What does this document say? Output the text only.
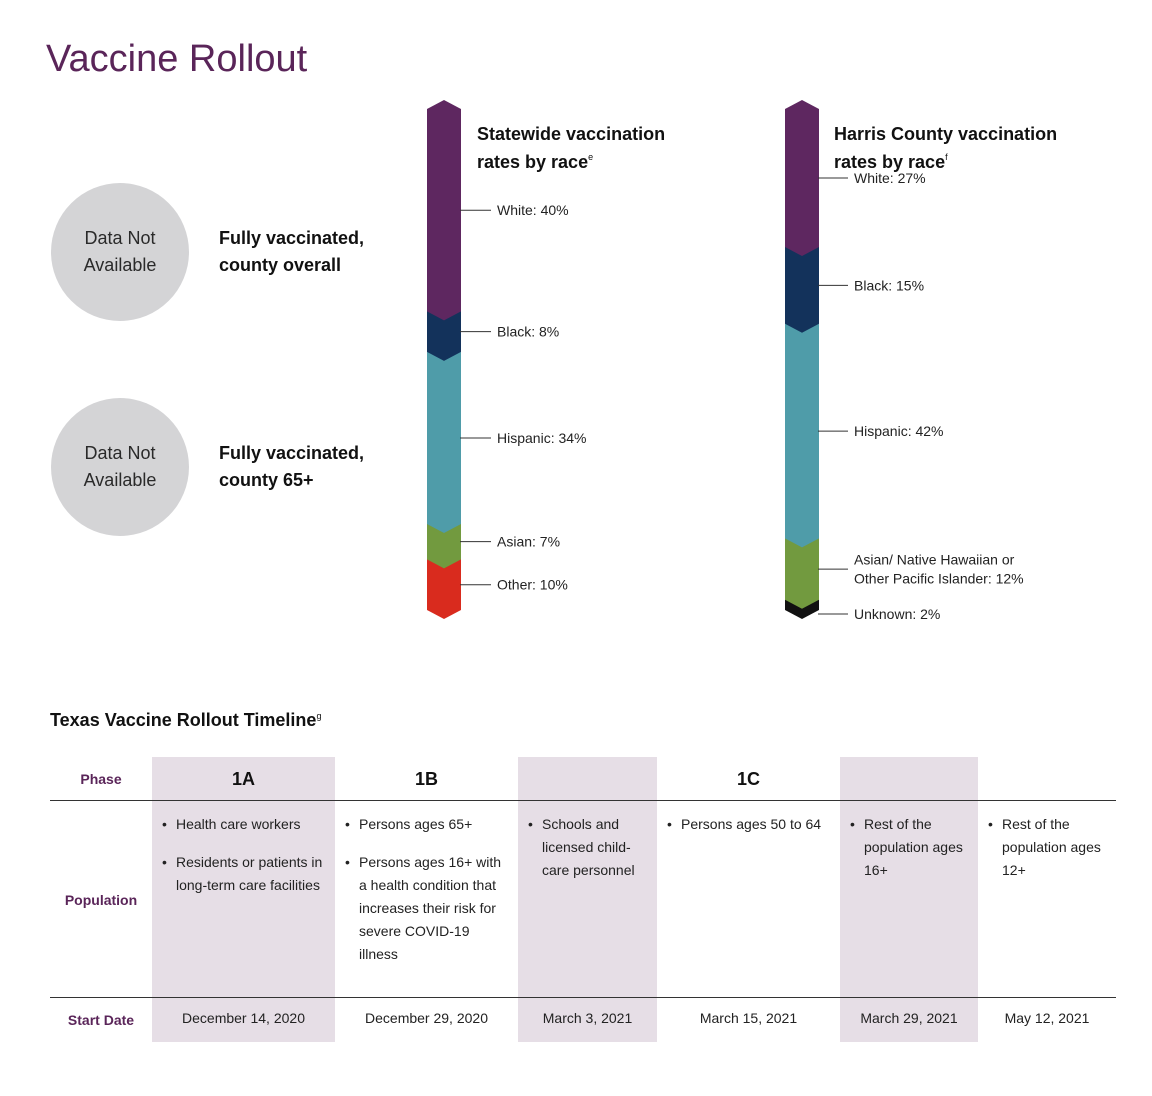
Vaccine Rollout
Data Not
Available
Fully vaccinated,
county overall
Data Not
Available
Fully vaccinated,
county 65+
White: 40%
Black: 8%
Hispanic: 34%
Asian: 7%
Other: 10%
Statewide vaccination rates by race$^e$
White: 27%
Black: 15%
Hispanic: 42%
Asian/ Native Hawaiian or Other Pacific Islander: 12%
Unknown: 2%
Harris County vaccination rates by race$^f$
Texas Vaccine Rollout Timeline$^g$
Phase
Population
Start Date
1A	1B	1C
• Health care workers
• Residents or patients in long-term care facilities
• Persons ages 65+
• Persons ages 16+ with a health condition that increases their risk for severe COVID-19 illness
• Schools and licensed child-care personnel
• Persons ages 50 to 64
•	Rest of the population ages 16+
• Rest of the population ages 12+
December 14, 2020	December 29, 2020	March 3, 2021	March 15, 2021	March 29, 2021	May 12, 2021
